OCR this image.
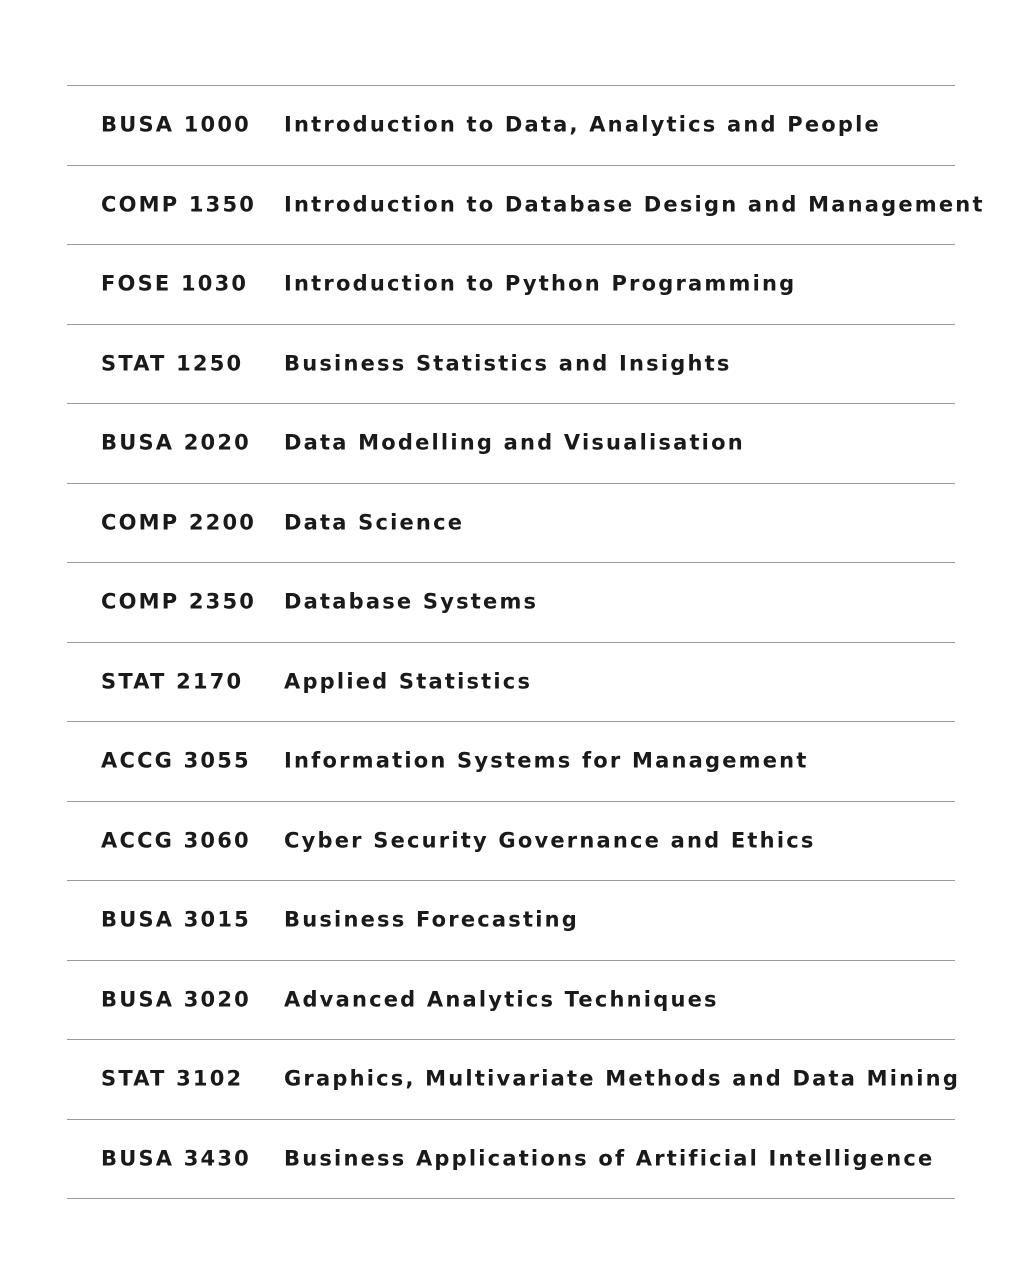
BUSA 1000 Introduction to Data, Analytics and People
COMP 1350 Introduction to Database Design and Management
FOSE 1030 Introduction to Python Programming
STAT 1250 Business Statistics and Insights
BUSA 2020 Data Modelling and Visualisation
COMP 2200 Data Science
COMP 2350 Database Systems
STAT 2170 Applied Statistics
ACCG 3055 Information Systems for Management
ACCG 3060 Cyber Security Governance and Ethics
BUSA 3015 Business Forecasting
BUSA 3020 Advanced Analytics Techniques
STAT 3102 Graphics, Multivariate Methods and Data Mining
BUSA 3430 Business Applications of Artificial Intelligence
